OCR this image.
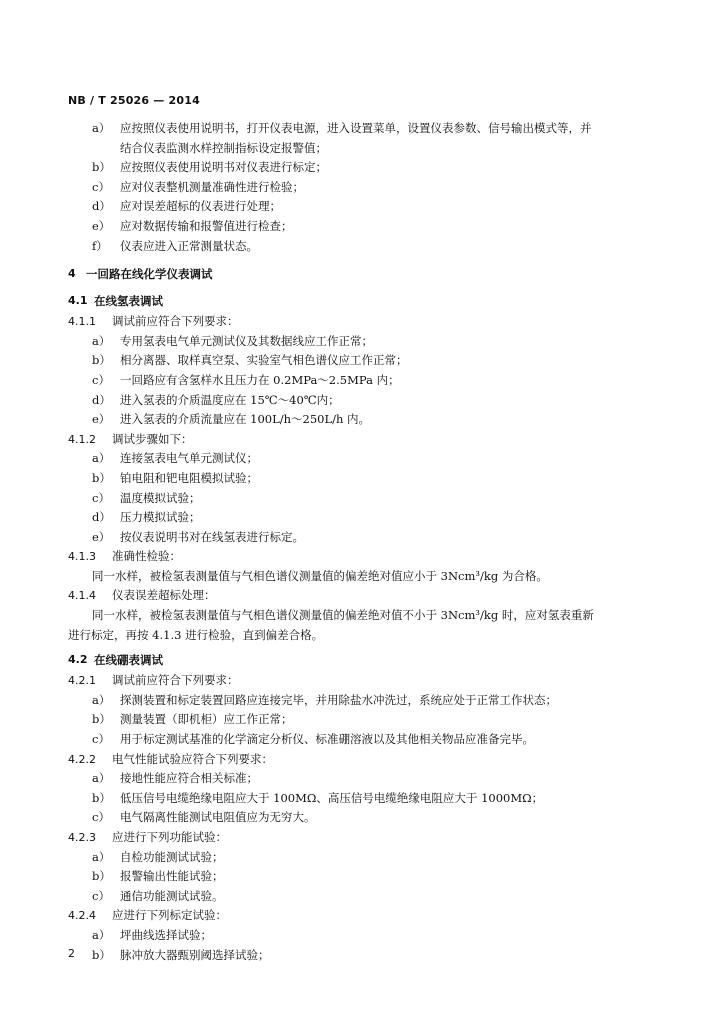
NB / T 25026 — 2014
a） 应按照仪表使用说明书，打开仪表电源，进入设置菜单，设置仪表参数、信号输出模式等，并
结合仪表监测水样控制指标设定报警值；
b） 应按照仪表使用说明书对仪表进行标定；
c） 应对仪表整机测量准确性进行检验；
d） 应对误差超标的仪表进行处理；
e） 应对数据传输和报警值进行检查；
f）	仪表应进入正常测量状态。
4 一回路在线化学仪表调试
4.1 在线氢表调试
4.1.1 调试前应符合下列要求：
a） 专用氢表电气单元测试仪及其数据线应工作正常；
b） 相分离器、取样真空泵、实验室气相色谱仪应工作正常；
c） 一回路应有含氢样水且压力在 0.2MPa～2.5MPa 内；
d） 进入氢表的介质温度应在 15℃～40℃内；
e） 进入氢表的介质流量应在 100L/h～250L/h 内。
4.1.2 调试步骤如下：
a） 连接氢表电气单元测试仪；
b） 铂电阻和钯电阻模拟试验；
c） 温度模拟试验；
d） 压力模拟试验；
e） 按仪表说明书对在线氢表进行标定。
4.1.3 准确性检验：
同一水样，被检氢表测量值与气相色谱仪测量值的偏差绝对值应小于 3Ncm³/kg 为合格。
4.1.4 仪表误差超标处理：
同一水样，被检氢表测量值与气相色谱仪测量值的偏差绝对值不小于 3Ncm³/kg 时，应对氢表重新
进行标定，再按 4.1.3 进行检验，直到偏差合格。
4.2 在线硼表调试
4.2.1 调试前应符合下列要求：
a） 探测装置和标定装置回路应连接完毕，并用除盐水冲洗过，系统应处于正常工作状态；
b） 测量装置（即机柜）应工作正常；
c） 用于标定测试基准的化学滴定分析仪、标准硼溶液以及其他相关物品应准备完毕。
4.2.2 电气性能试验应符合下列要求：
a） 接地性能应符合相关标准；
b） 低压信号电缆绝缘电阻应大于 100MΩ、高压信号电缆绝缘电阻应大于 1000MΩ；
c） 电气隔离性能测试电阻值应为无穷大。
4.2.3 应进行下列功能试验：
a） 自检功能测试试验；
b） 报警输出性能试验；
c） 通信功能测试试验。
4.2.4 应进行下列标定试验：
a） 坪曲线选择试验；
b） 脉冲放大器甄别阈选择试验；
2
